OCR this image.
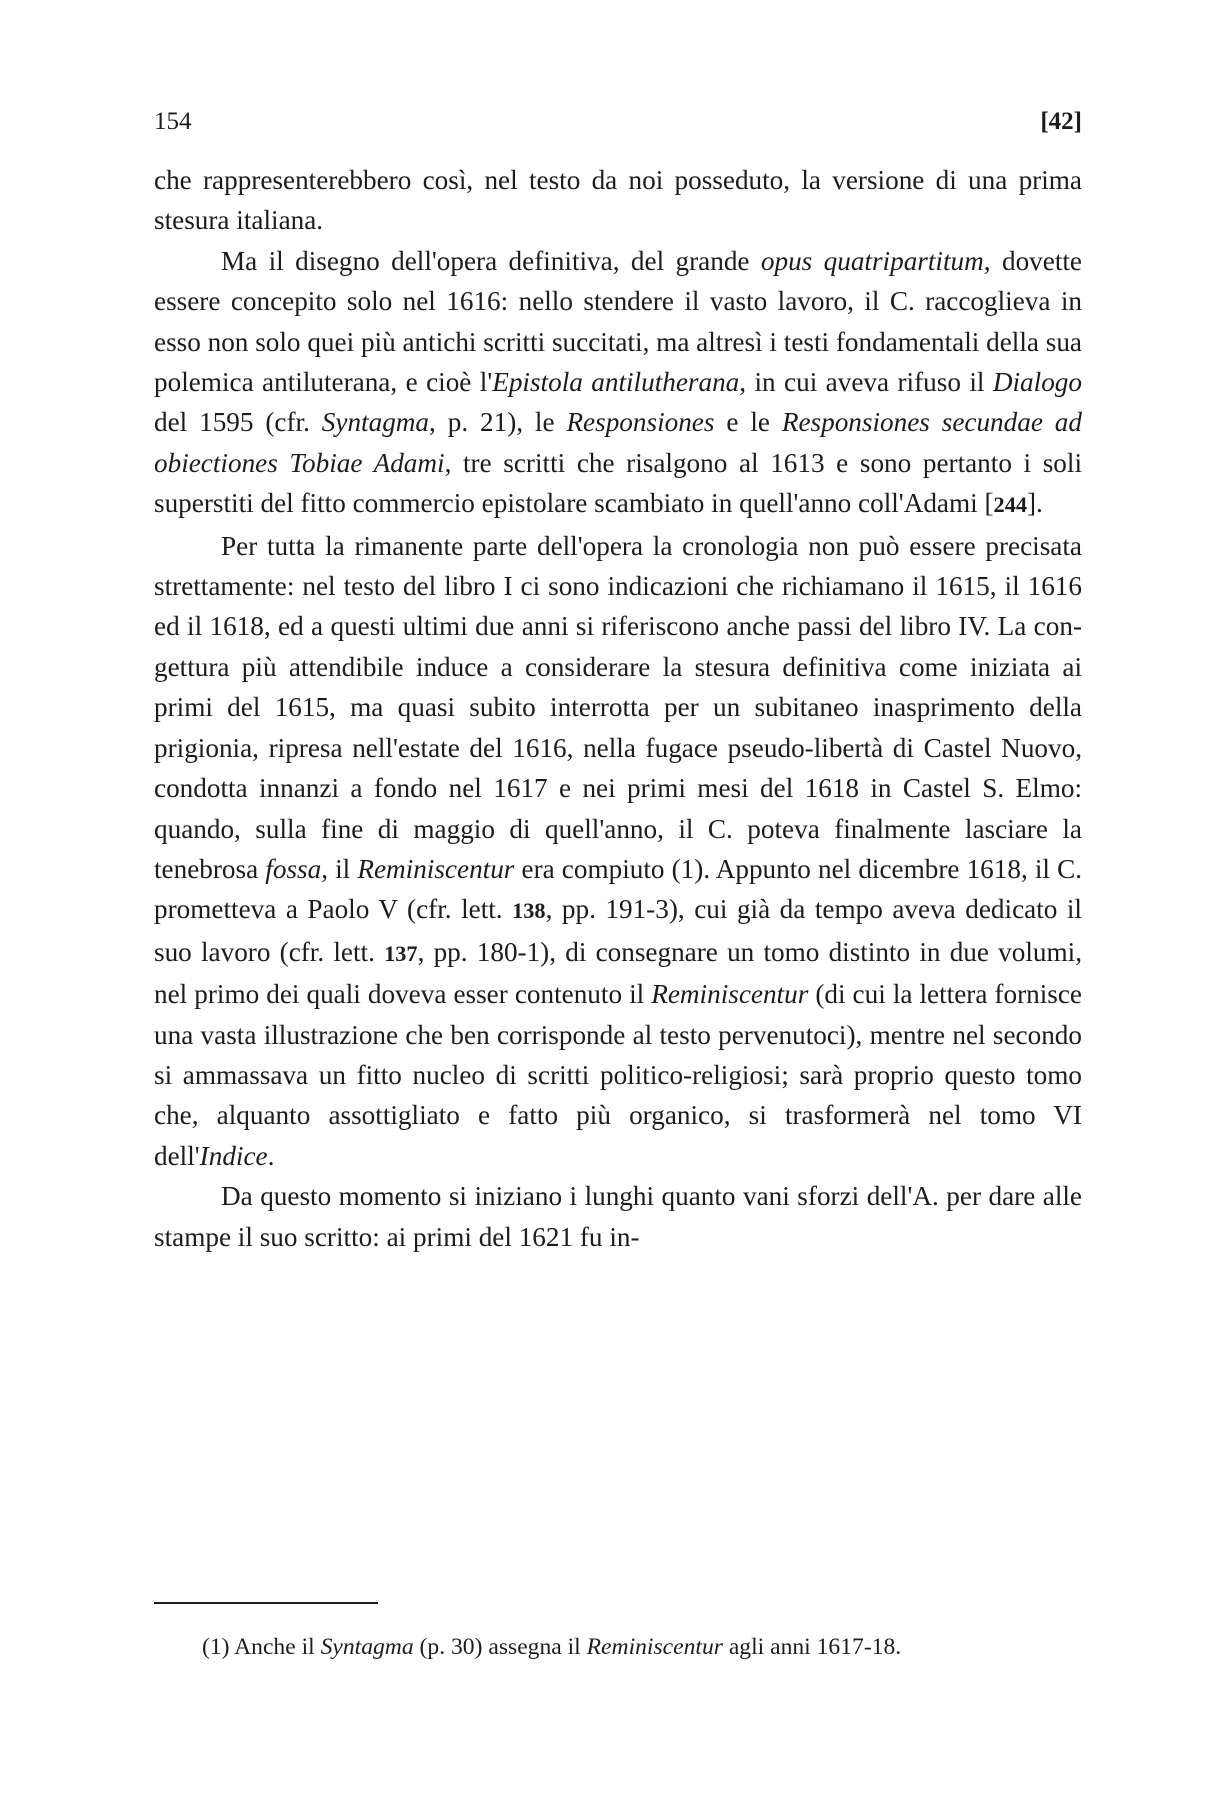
154	[42]

che rappresenterebbero così, nel testo da noi posseduto, la versione di una prima stesura italiana.

Ma il disegno dell'opera definitiva, del grande opus quatripartitum, dovette essere concepito solo nel 1616: nello stendere il vasto lavoro, il C. raccoglieva in esso non solo quei più antichi scritti succitati, ma altresì i testi fondamentali della sua polemica antiluterana, e cioè l'Epistola antilutherana, in cui aveva rifuso il Dialogo del 1595 (cfr. Syntagma, p. 21), le Responsiones e le Responsiones secundae ad obiectiones Tobiae Adami, tre scritti che risalgono al 1613 e sono pertanto i soli superstiti del fitto commercio epistolare scambiato in quell'anno coll'Adami [244].

Per tutta la rimanente parte dell'opera la cronologia non può essere precisata strettamente: nel testo del libro I ci sono indicazioni che richiamano il 1615, il 1616 ed il 1618, ed a questi ultimi due anni si riferiscono anche passi del libro IV. La congettura più attendibile induce a considerare la stesura definitiva come iniziata ai primi del 1615, ma quasi subito interrotta per un subitaneo inasprimento della prigionia, ripresa nell'estate del 1616, nella fugace pseudo-libertà di Castel Nuovo, condotta innanzi a fondo nel 1617 e nei primi mesi del 1618 in Castel S. Elmo: quando, sulla fine di maggio di quell'anno, il C. poteva finalmente lasciare la tenebrosa fossa, il Reminiscentur era compiuto (1). Appunto nel dicembre 1618, il C. prometteva a Paolo V (cfr. lett. 138, pp. 191-3), cui già da tempo aveva dedicato il suo lavoro (cfr. lett. 137, pp. 180-1), di consegnare un tomo distinto in due volumi, nel primo dei quali doveva esser contenuto il Reminiscentur (di cui la lettera fornisce una vasta illustrazione che ben corrisponde al testo pervenutoci), mentre nel secondo si ammassava un fitto nucleo di scritti politico-religiosi; sarà proprio questo tomo che, alquanto assottigliato e fatto più organico, si trasformerà nel tomo VI dell'Indice.

Da questo momento si iniziano i lunghi quanto vani sforzi dell'A. per dare alle stampe il suo scritto: ai primi del 1621 fu in-

(1) Anche il Syntagma (p. 30) assegna il Reminiscentur agli anni 1617-18.
